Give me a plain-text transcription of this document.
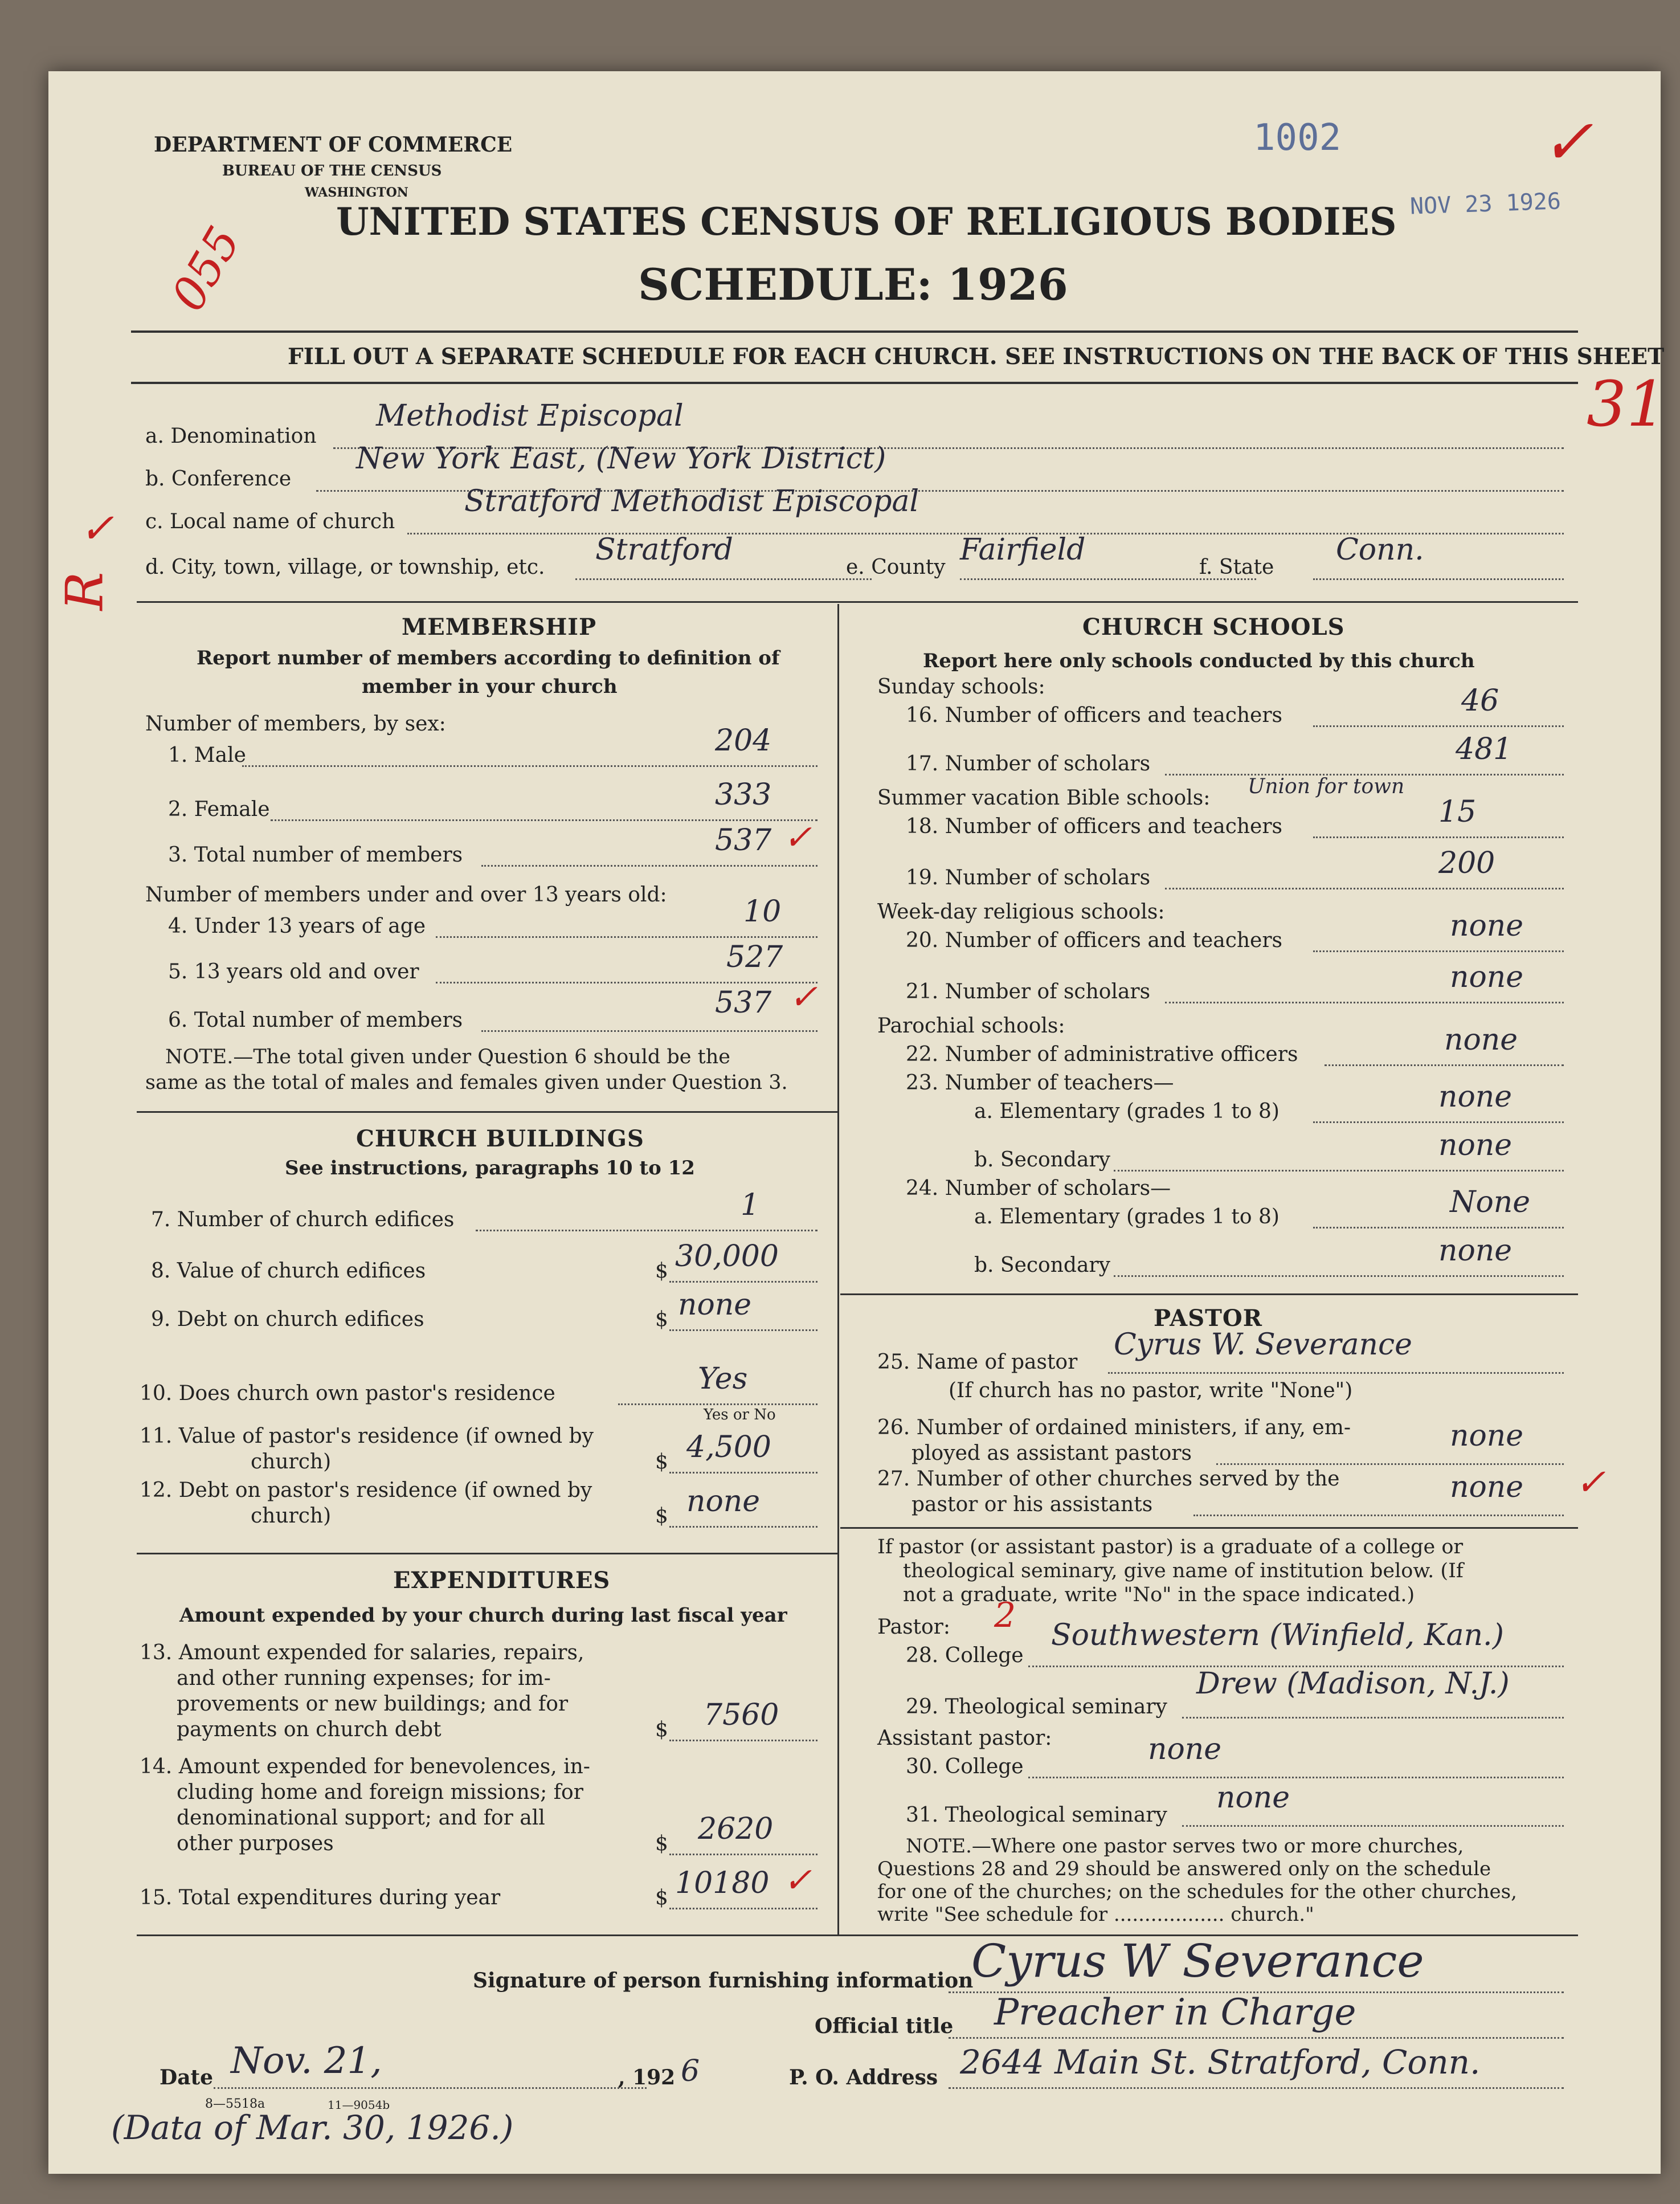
DEPARTMENT OF COMMERCE
BUREAU OF THE CENSUS
WASHINGTON
UNITED STATES CENSUS OF RELIGIOUS BODIES
SCHEDULE: 1926
1002
NOV 23 1926
✓
055
31
FILL OUT A SEPARATE SCHEDULE FOR EACH CHURCH. SEE INSTRUCTIONS ON THE BACK OF THIS SHEET
a. Denomination
Methodist Episcopal
b. Conference
New York East, (New York District)
c. Local name of church
Stratford Methodist Episcopal
✓
R
d. City, town, village, or township, etc.
Stratford
e. County
Fairfield
f. State
Conn.
MEMBERSHIP
Report number of members according to definition of
member in your church
Number of members, by sex:
1. Male	204
2. Female	333
3. Total number of members	537 ✓
Number of members under and over 13 years old:
4. Under 13 years of age	10
5. 13 years old and over	527
6. Total number of members
537 ✓
NOTE.—The total given under Question 6 should be the
same as the total of males and females given under Question 3.
CHURCH BUILDINGS
See instructions, paragraphs 10 to 12
7. Number of church edifices	1
8. Value of church edifices	$ 30,000
9. Debt on church edifices	$ none
10. Does church own pastor's residence	Yes
Yes or No
11. Value of pastor's residence (if owned by
church)	$ 4,500
12. Debt on pastor's residence (if owned by
church)	$ none
EXPENDITURES
Amount expended by your church during last fiscal year
13. Amount expended for salaries, repairs,
and other running expenses; for im-
provements or new buildings; and for
payments on church debt	$ 7560
14. Amount expended for benevolences, in-
cluding home and foreign missions; for
denominational support; and for all
other purposes	$ 2620
15. Total expenditures during year	$ 10180 ✓
CHURCH SCHOOLS
Report here only schools conducted by this church
Sunday schools:
16. Number of officers and teachers	46
17. Number of scholars	481
Summer vacation Bible schools: Union for town
18. Number of officers and teachers	15
19. Number of scholars	200
Week-day religious schools:
20. Number of officers and teachers	none
21. Number of scholars	none
Parochial schools:
22. Number of administrative officers	none
23. Number of teachers—
a. Elementary (grades 1 to 8)	none
b. Secondary	none
24. Number of scholars—
a. Elementary (grades 1 to 8)	None
b. Secondary	none
PASTOR
25. Name of pastor
Cyrus W. Severance
(If church has no pastor, write "None")
26. Number of ordained ministers, if any, em-
ployed as assistant pastors
none
27. Number of other churches served by the
pastor or his assistants
none ✓
If pastor (or assistant pastor) is a graduate of a college or
theological seminary, give name of institution below. (If
not a graduate, write "No" in the space indicated.)
Pastor: 2
28. College
Southwestern (Winfield, Kan.)
29. Theological seminary
Drew (Madison, N.J.)
Assistant pastor:
30. College
none
31. Theological seminary
none
NOTE.—Where one pastor serves two or more churches,
Questions 28 and 29 should be answered only on the schedule
for one of the churches; on the schedules for the other churches,
write "See schedule for .................. church."
Signature of person furnishing information
Cyrus W Severance
Official title Preacher in Charge
Date Nov. 21,	, 192 6	P. O. Address 2644 Main St. Stratford, Conn.
8—5518a	11—9054b
(Data of Mar. 30, 1926.)
